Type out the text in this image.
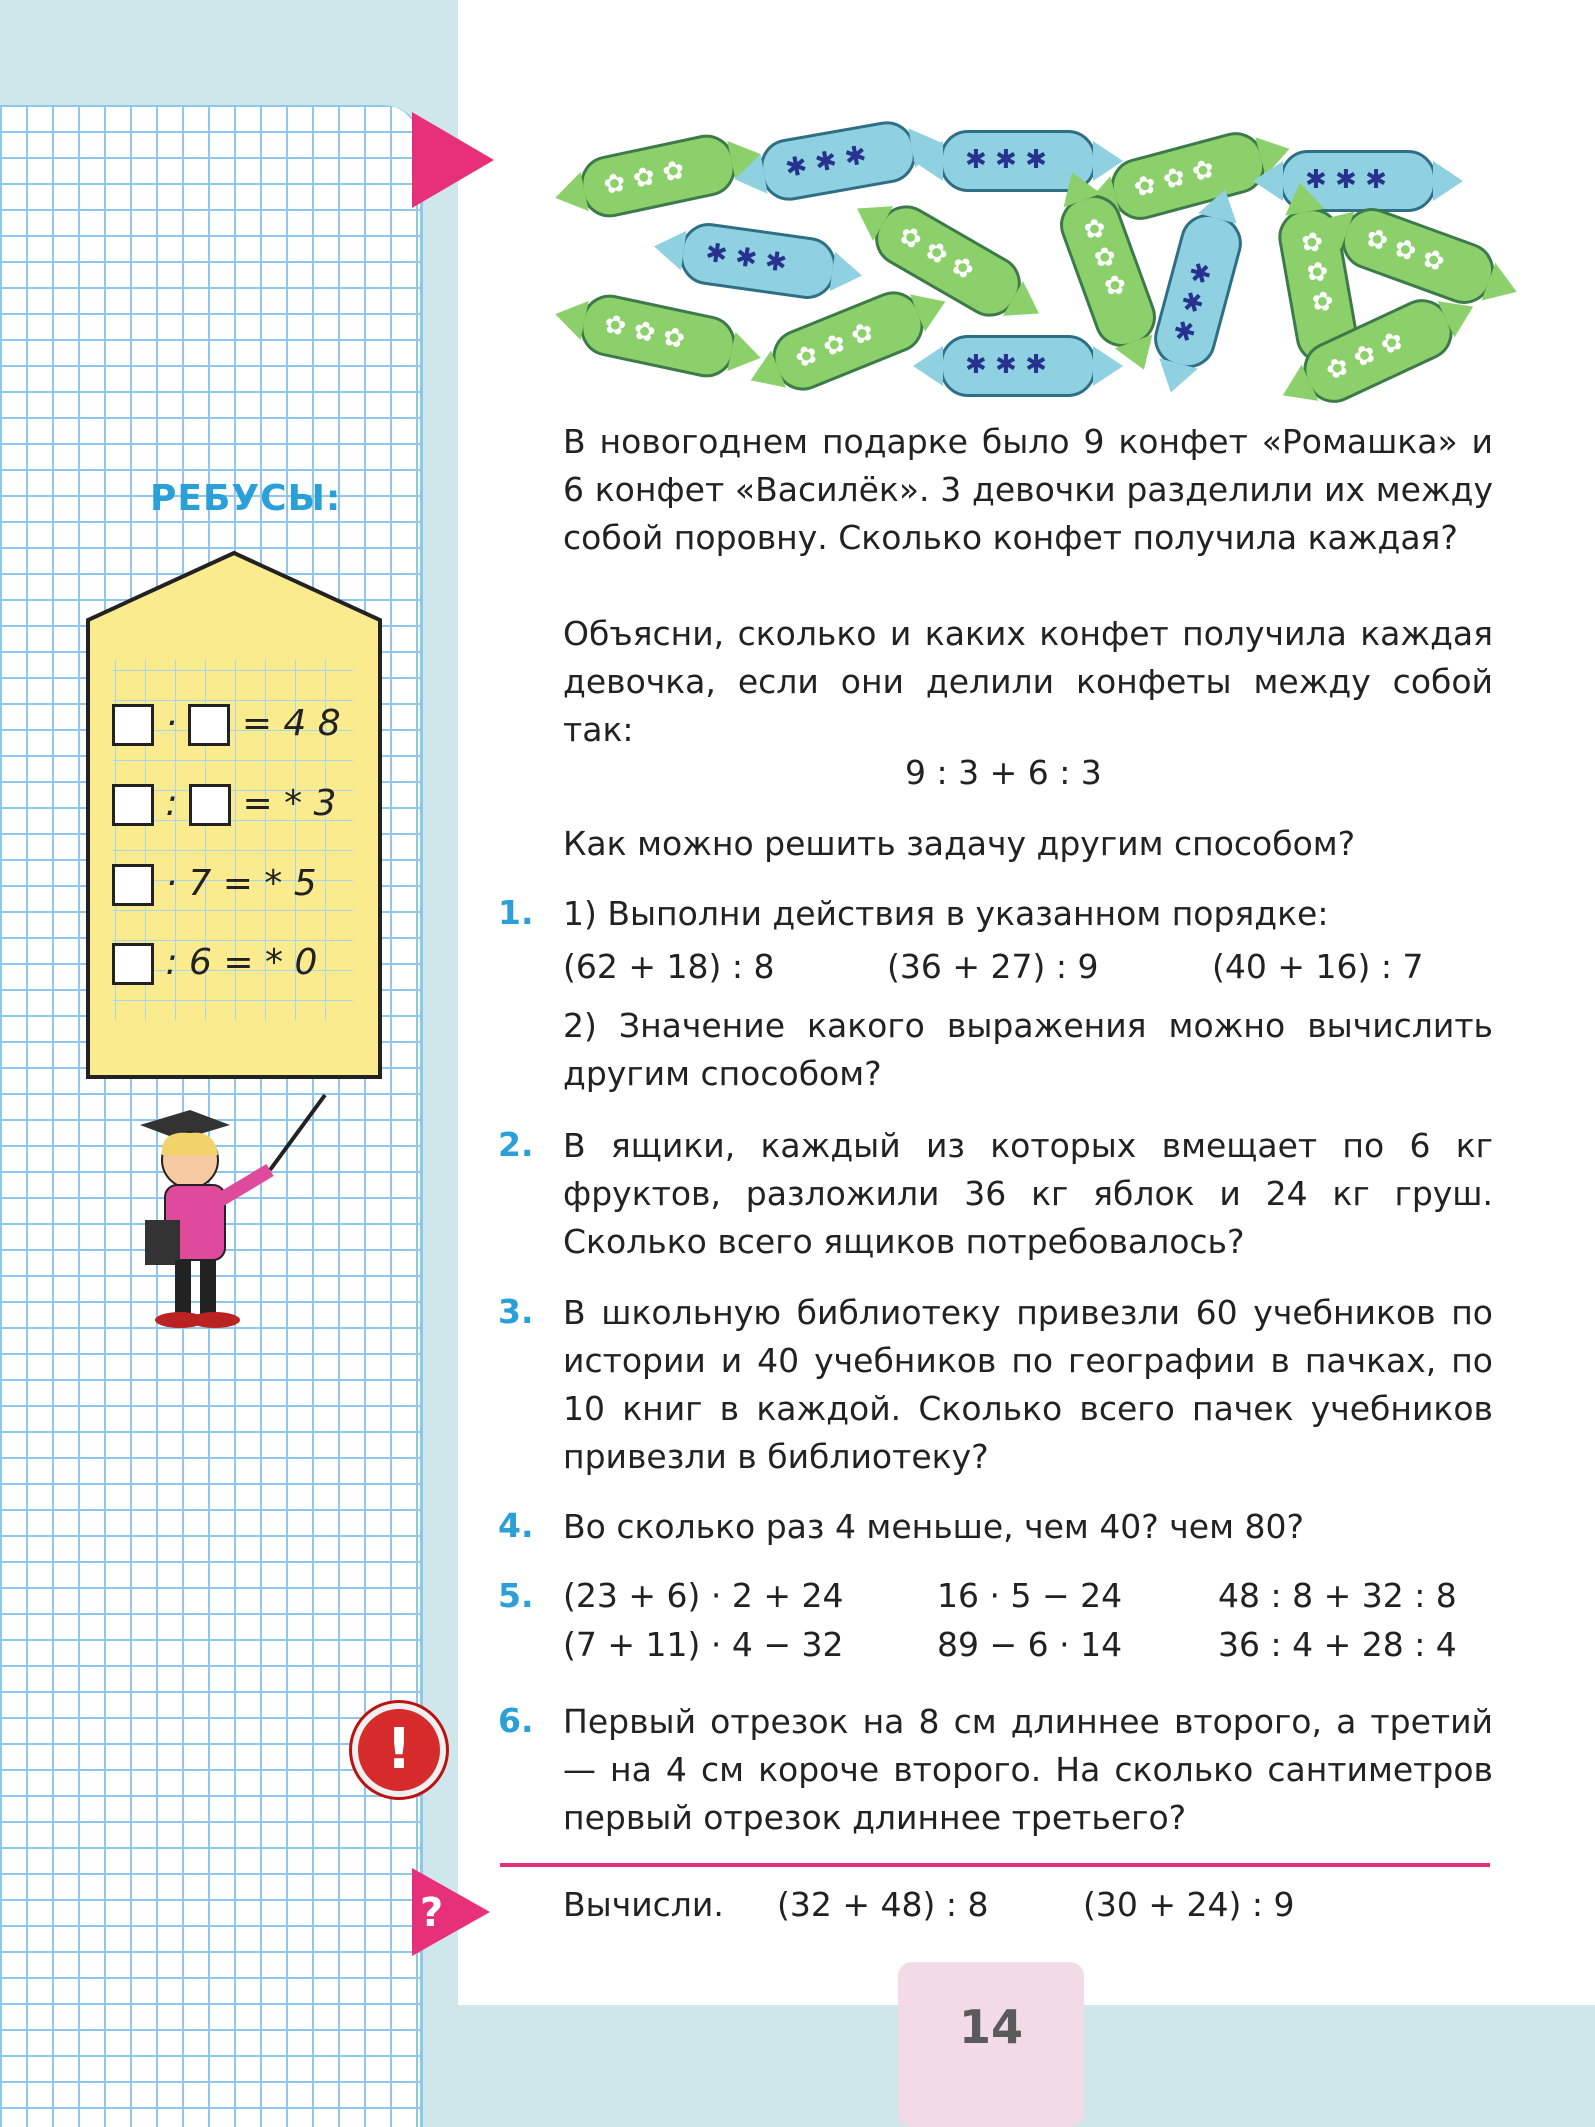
✿ ✿ ✿	✱ ✱ ✱	✱ ✱ ✱	✿ ✿ ✿	✱ ✱ ✱
✱ ✱ ✱	✿ ✿ ✿	✿ ✿ ✿
✱ ✱ ✱	✿ ✿ ✿ ✿ ✿ ✿
✿ ✿ ✿	✿ ✿ ✿	✱ ✱ ✱	✿ ✿ ✿
РЕБУСЫ:
· = 4 8
: = * 3
· 7 = * 5
: 6 = * 0
В новогоднем подарке было 9 конфет «Ромашка» и 6 конфет «Василёк». 3 девочки разделили их между собой поровну. Сколько конфет получила каждая?
Объясни, сколько и каких конфет получила каждая девочка, если они делили конфеты между собой так:
9 : 3 + 6 : 3
Как можно решить задачу другим способом?
1. 1) Выполни действия в указанном порядке:
(62 + 18) : 8	(36 + 27) : 9	(40 + 16) : 7
2) Значение какого выражения можно вычислить другим способом?
2. В ящики, каждый из которых вмещает по 6 кг фруктов, разложили 36 кг яблок и 24 кг груш. Сколько всего ящиков потребовалось?
3. В школьную библиотеку привезли 60 учебников по истории и 40 учебников по географии в пачках, по 10 книг в каждой. Сколько всего пачек учебников привезли в библиотеку?
4. Во сколько раз 4 меньше, чем 40? чем 80?
5. (23 + 6) · 2 + 24	16 · 5 − 24	48 : 8 + 32 : 8
(7 + 11) · 4 − 32	89 − 6 · 14	36 : 4 + 28 : 4
!	6. Первый отрезок на 8 см длиннее второго, а третий — на 4 см короче второго. На сколько сантиметров первый отрезок длиннее третьего?
?	Вычисли. (32 + 48) : 8	(30 + 24) : 9
14
